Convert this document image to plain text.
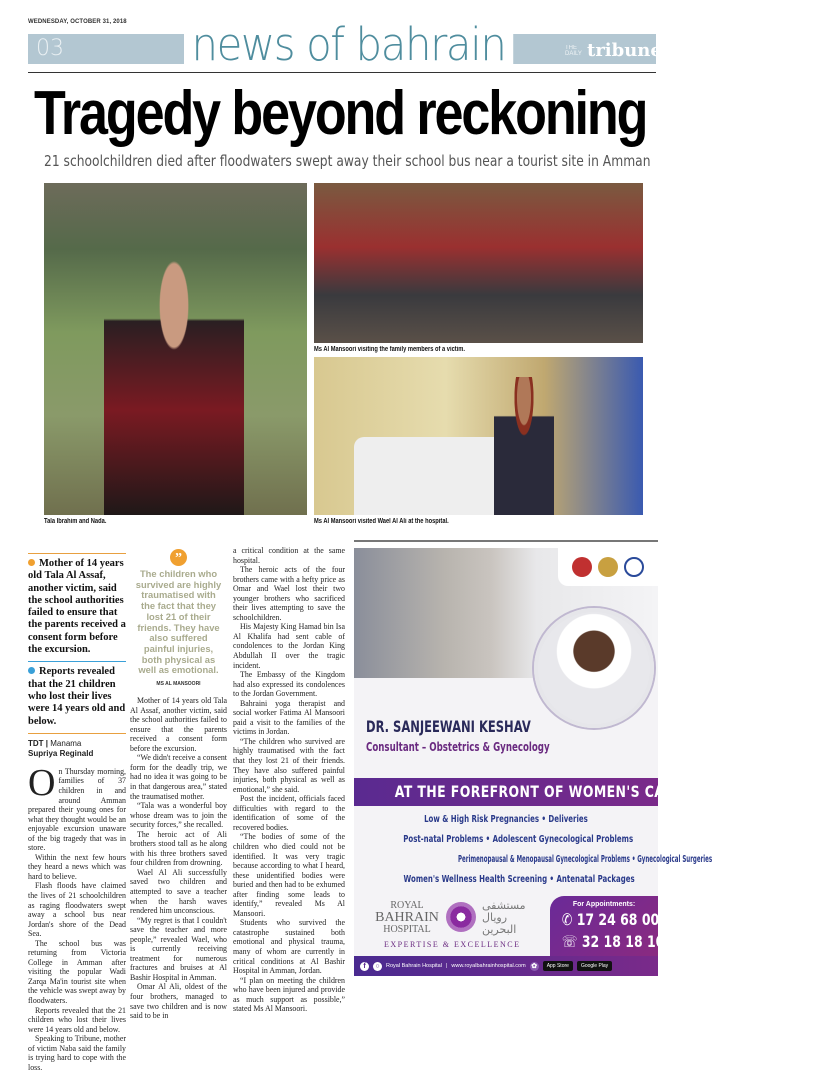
WEDNESDAY, OCTOBER 31, 2018
03	news of bahrain	THE DAILY tribune
Tragedy beyond reckoning
21 schoolchildren died after floodwaters swept away their school bus near a tourist site in Amman
Tala Ibrahim and Nada.
Ms Al Mansoori visiting the family members of a victim.
Ms Al Mansoori visited Wael Al Ali at the hospital.
Mother of 14 years old Tala Al Assaf, another victim, said the school authorities failed to ensure that the parents received a consent form before the excursion.
Reports revealed that the 21 children who lost their lives were 14 years old and below.
TDT | Manama
Supriya Reginald

On Thursday morning, families of 37 children in and around Amman prepared their young ones for what they thought would be an enjoyable excursion unaware of the big tragedy that was in store.

Within the next few hours they heard a news which was hard to believe.

Flash floods have claimed the lives of 21 schoolchildren as raging floodwaters swept away a school bus near Jordan's shore of the Dead Sea.

The school bus was returning from Victoria College in Amman after visiting the popular Wadi Zarqa Ma'in tourist site when the vehicle was swept away by floodwaters.

Reports revealed that the 21 children who lost their lives were 14 years old and below.

Speaking to Tribune, mother of victim Naba said the family is trying hard to cope with the loss.

”
The children who survived are highly traumatised with the fact that they lost 21 of their friends. They have also suffered painful injuries, both physical as well as emotional.
MS AL MANSOORI

Mother of 14 years old Tala Al Assaf, another victim, said the school authorities failed to ensure that the parents received a consent form before the excursion.

“We didn't receive a consent form for the deadly trip, we had no idea it was going to be in that dangerous area,” stated the traumatised mother.

“Tala was a wonderful boy whose dream was to join the security forces,” she recalled.

The heroic act of Ali brothers stood tall as he along with his three brothers saved four children from drowning.

Wael Al Ali successfully saved two children and attempted to save a teacher when the harsh waves rendered him unconscious.

“My regret is that I couldn't save the teacher and more people,” revealed Wael, who is currently receiving treatment for numerous fractures and bruises at Al Bashir Hospital in Amman.

Omar Al Ali, oldest of the four brothers, managed to save two children and is now said to be in

a critical condition at the same hospital.

The heroic acts of the four brothers came with a hefty price as Omar and Wael lost their two younger brothers who sacrificed their lives attempting to save the schoolchildren.

His Majesty King Hamad bin Isa Al Khalifa had sent cable of condolences to the Jordan King Abdullah II over the tragic incident.

The Embassy of the Kingdom had also expressed its condolences to the Jordan Government.

Bahraini yoga therapist and social worker Fatima Al Mansoori paid a visit to the families of the victims in Jordan.

“The children who survived are highly traumatised with the fact that they lost 21 of their friends. They have also suffered painful injuries, both physical as well as emotional,” she said.

Post the incident, officials faced difficulties with regard to the identification of some of the recovered bodies.

“The bodies of some of the children who died could not be identified. It was very tragic because according to what I heard, these unidentified bodies were buried and then had to be exhumed after finding some leads to identify,” revealed Ms Al Mansoori.

Students who survived the catastrophe sustained both emotional and physical trauma, many of whom are currently in critical conditions at Al Bashir Hospital in Amman, Jordan.

“I plan on meeting the children who have been injured and provide as much support as possible,” stated Ms Al Mansoori.

DR. SANJEEWANI KESHAV
Consultant – Obstetrics & Gynecology
AT THE FOREFRONT OF WOMEN'S CARE
Low & High Risk Pregnancies • Deliveries
Post-natal Problems • Adolescent Gynecological Problems
Perimenopausal & Menopausal Gynecological Problems • Gynecological Surgeries
Women's Wellness Health Screening • Antenatal Packages
ROYAL
BAHRAIN
HOSPITAL
مستشفى رويال البحرين
EXPERTISE & EXCELLENCE
For Appointments:
✆ 17 24 68 00
☏ 32 18 18 10
f	○	Royal Bahrain Hospital | www.royalbahrainhospital.com ✿	App Store	Google Play
